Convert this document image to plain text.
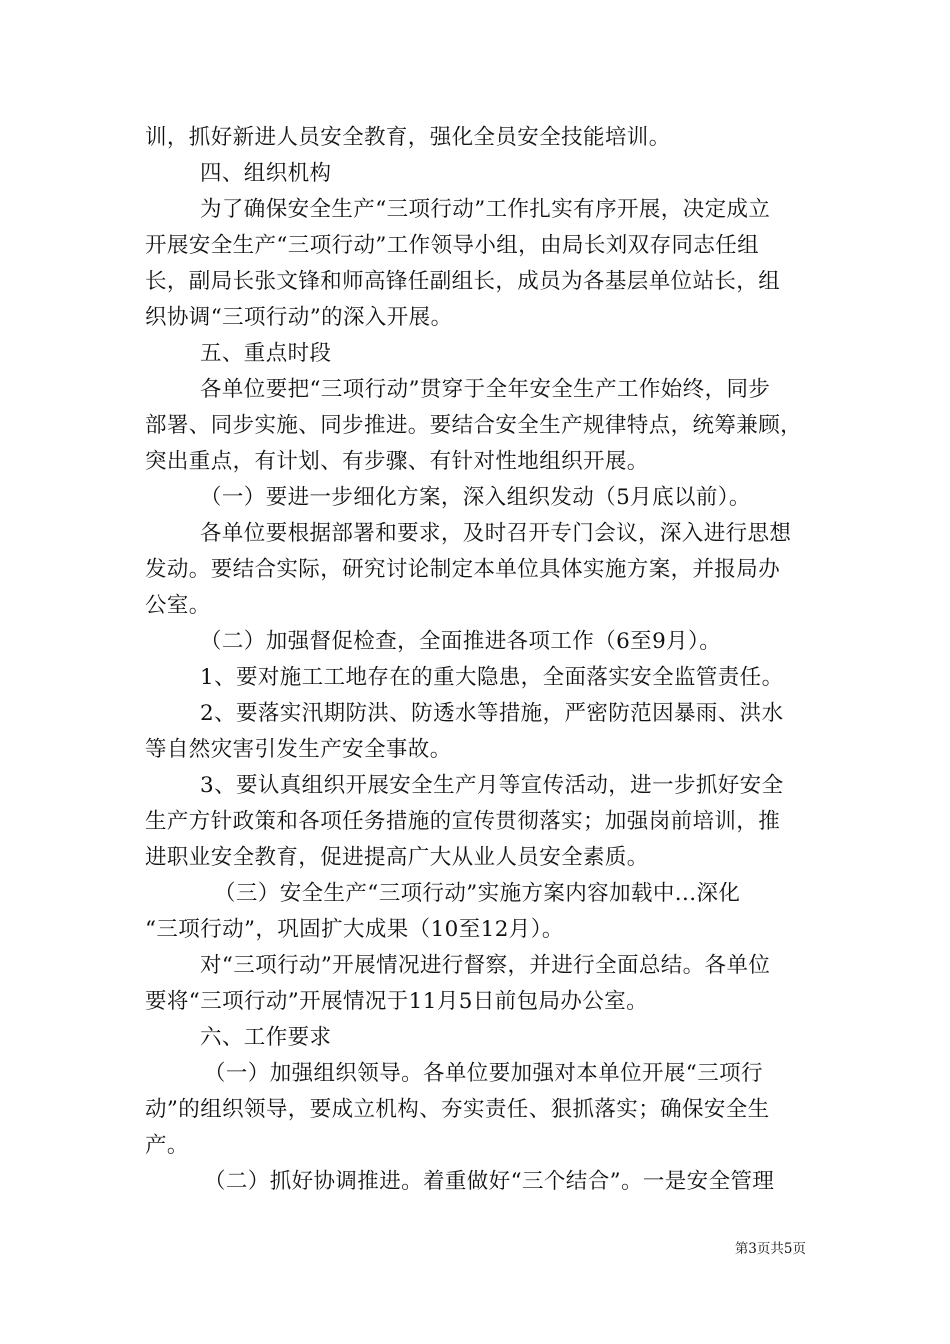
训，抓好新进人员安全教育，强化全员安全技能培训。
四、组织机构
为了确保安全生产“三项行动”工作扎实有序开展，决定成立
开展安全生产“三项行动”工作领导小组，由局长刘双存同志任组
长，副局长张文锋和师高锋任副组长，成员为各基层单位站长，组
织协调“三项行动”的深入开展。
五、重点时段
各单位要把“三项行动”贯穿于全年安全生产工作始终，同步
部署、同步实施、同步推进。要结合安全生产规律特点，统筹兼顾，
突出重点，有计划、有步骤、有针对性地组织开展。
（一）要进一步细化方案，深入组织发动（5月底以前）。
各单位要根据部署和要求，及时召开专门会议，深入进行思想
发动。要结合实际，研究讨论制定本单位具体实施方案，并报局办
公室。
（二）加强督促检查，全面推进各项工作（6至9月）。
1、要对施工工地存在的重大隐患，全面落实安全监管责任。
2、要落实汛期防洪、防透水等措施，严密防范因暴雨、洪水
等自然灾害引发生产安全事故。
3、要认真组织开展安全生产月等宣传活动，进一步抓好安全
生产方针政策和各项任务措施的宣传贯彻落实；加强岗前培训，推
进职业安全教育，促进提高广大从业人员安全素质。
（三）安全生产“三项行动”实施方案内容加载中...深化
“三项行动”，巩固扩大成果（10至12月）。
对“三项行动”开展情况进行督察，并进行全面总结。各单位
要将“三项行动”开展情况于11月5日前包局办公室。
六、工作要求
（一）加强组织领导。各单位要加强对本单位开展“三项行
动”的组织领导，要成立机构、夯实责任、狠抓落实；确保安全生
产。
（二）抓好协调推进。着重做好“三个结合”。一是安全管理
第3页共5页
